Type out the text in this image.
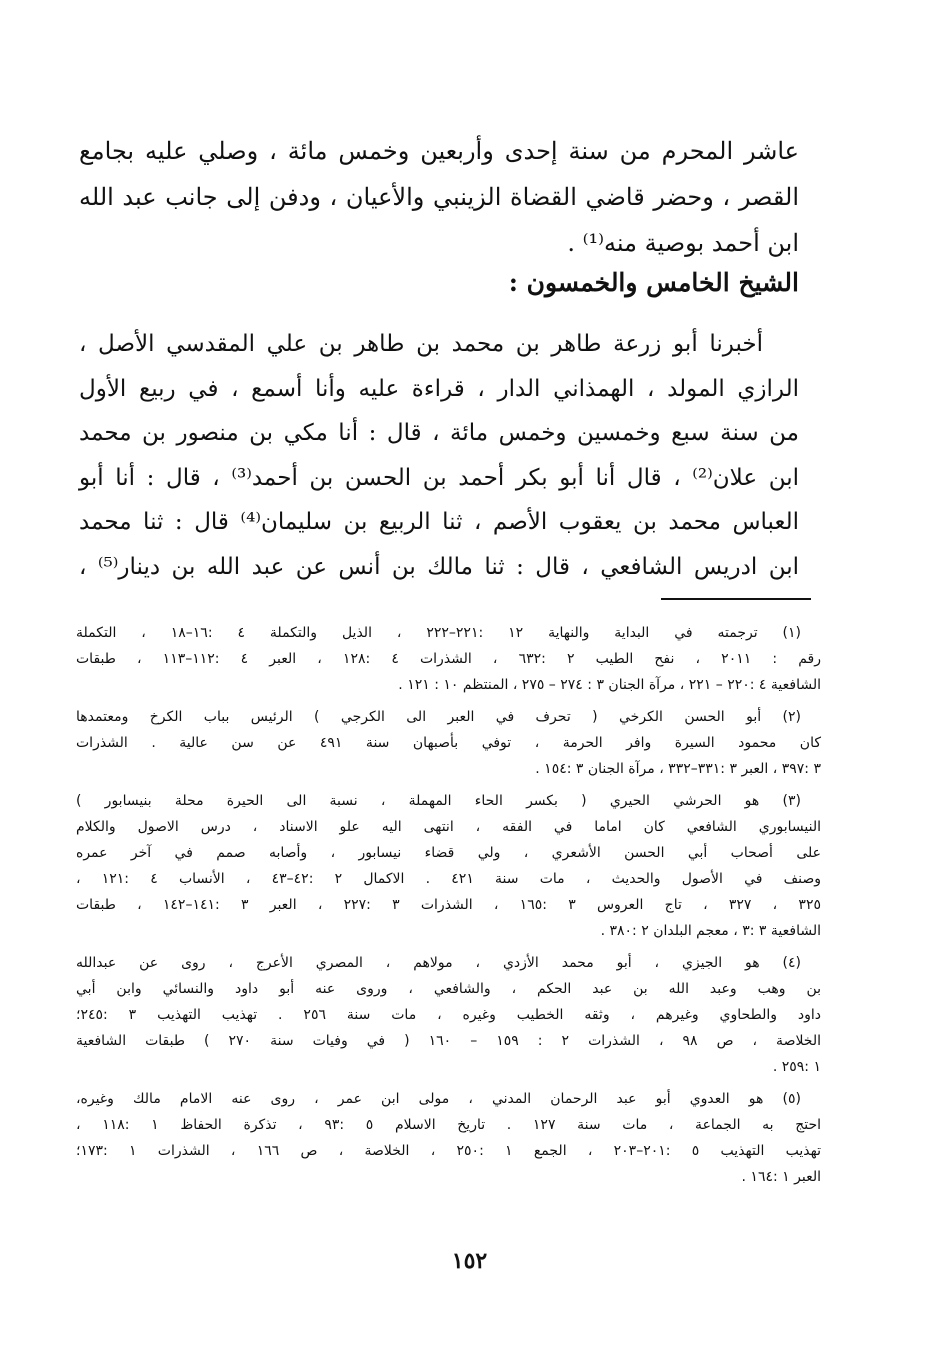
عاشر المحرم من سنة إحدى وأربعين وخمس مائة ، وصلي عليه بجامع
القصر ، وحضر قاضي القضاة الزينبي والأعيان ، ودفن إلى جانب عبد الله
ابن أحمد بوصية منه⁽¹⁾ .
الشيخ الخامس والخمسون :
أخبرنا أبو زرعة طاهر بن محمد بن طاهر بن علي المقدسي الأصل ،
الرازي المولد ، الهمذاني الدار ، قراءة عليه وأنا أسمع ، في ربيع الأول
من سنة سبع وخمسين وخمس مائة ، قال : أنا مكي بن منصور بن محمد
ابن علان⁽²⁾ ، قال أنا أبو بكر أحمد بن الحسن بن أحمد⁽³⁾ ، قال : أنا أبو
العباس محمد بن يعقوب الأصم ، ثنا الربيع بن سليمان⁽⁴⁾ قال : ثنا محمد
ابن ادريس الشافعي ، قال : ثنا مالك بن أنس عن عبد الله بن دينار⁽⁵⁾ ،
(١) ترجمته في البداية والنهاية ١٢ :٢٢١–٢٢٢ ، الذيل والتكملة ٤ :١٦–١٨ ، التكملة
رقم : ٢٠١١ ، نفح الطيب ٢ :٦٣٢ ، الشذرات ٤ :١٢٨ ، العبر ٤ :١١٢–١١٣ ، طبقات
الشافعية ٤ :٢٢٠ – ٢٢١ ، مرآة الجنان ٣ : ٢٧٤ – ٢٧٥ ، المنتظم ١٠ : ١٢١ .
(٢) أبو الحسن الكرخي ( تحرف في العبر الى الكرجي ) الرئيس بباب الكرخ ومعتمدها
كان محمود السيرة وافر الحرمة ، توفي بأصبهان سنة ٤٩١ عن سن عالية . الشذرات
٣ :٣٩٧ ، العبر ٣ :٣٣١–٣٣٢ ، مرآة الجنان ٣ :١٥٤ .
(٣) هو الحرشي الحيري ( بكسر الحاء المهملة ، نسبة الى الحيرة محلة بنيسابور )
النيسابوري الشافعي كان اماما في الفقه ، انتهى اليه علو الاسناد ، درس الاصول والكلام
على أصحاب أبي الحسن الأشعري ، ولي قضاء نيسابور ، وأصابه صمم في آخر عمره
وصنف في الأصول والحديث ، مات سنة ٤٢١ . الاكمال ٢ :٤٢–٤٣ ، الأنساب ٤ :١٢١ ،
٣٢٥ ، ٣٢٧ ، تاج العروس ٣ :١٦٥ ، الشذرات ٣ :٢٢٧ ، العبر ٣ :١٤١–١٤٢ ، طبقات
الشافعية ٣ :٣ ، معجم البلدان ٢ :٣٨٠ .
(٤) هو الجيزي ، أبو محمد الأزدي ، مولاهم ، المصري الأعرج ، روى عن عبدالله
بن وهب وعبد الله بن عبد الحكم ، والشافعي ، وروى عنه أبو داود والنسائي وابن أبي
داود والطحاوي وغيرهم ، وثقه الخطيب وغيره ، مات سنة ٢٥٦ . تهذيب التهذيب ٣ :٢٤٥؛
الخلاصة ، ص ٩٨ ، الشذرات ٢ : ١٥٩ – ١٦٠ ( في وفيات سنة ٢٧٠ ) طبقات الشافعية
١ :٢٥٩ .
(٥) هو العدوي أبو عبد الرحمان المدني ، مولى ابن عمر ، روى عنه الامام مالك وغيره،
احتج به الجماعة ، مات سنة ١٢٧ . تاريخ الاسلام ٥ :٩٣ ، تذكرة الحفاظ ١ :١١٨ ،
تهذيب التهذيب ٥ :٢٠١–٢٠٣ ، الجمع ١ :٢٥٠ ، الخلاصة ، ص ١٦٦ ، الشذرات ١ :١٧٣؛
العبر ١ :١٦٤ .
١٥٢
